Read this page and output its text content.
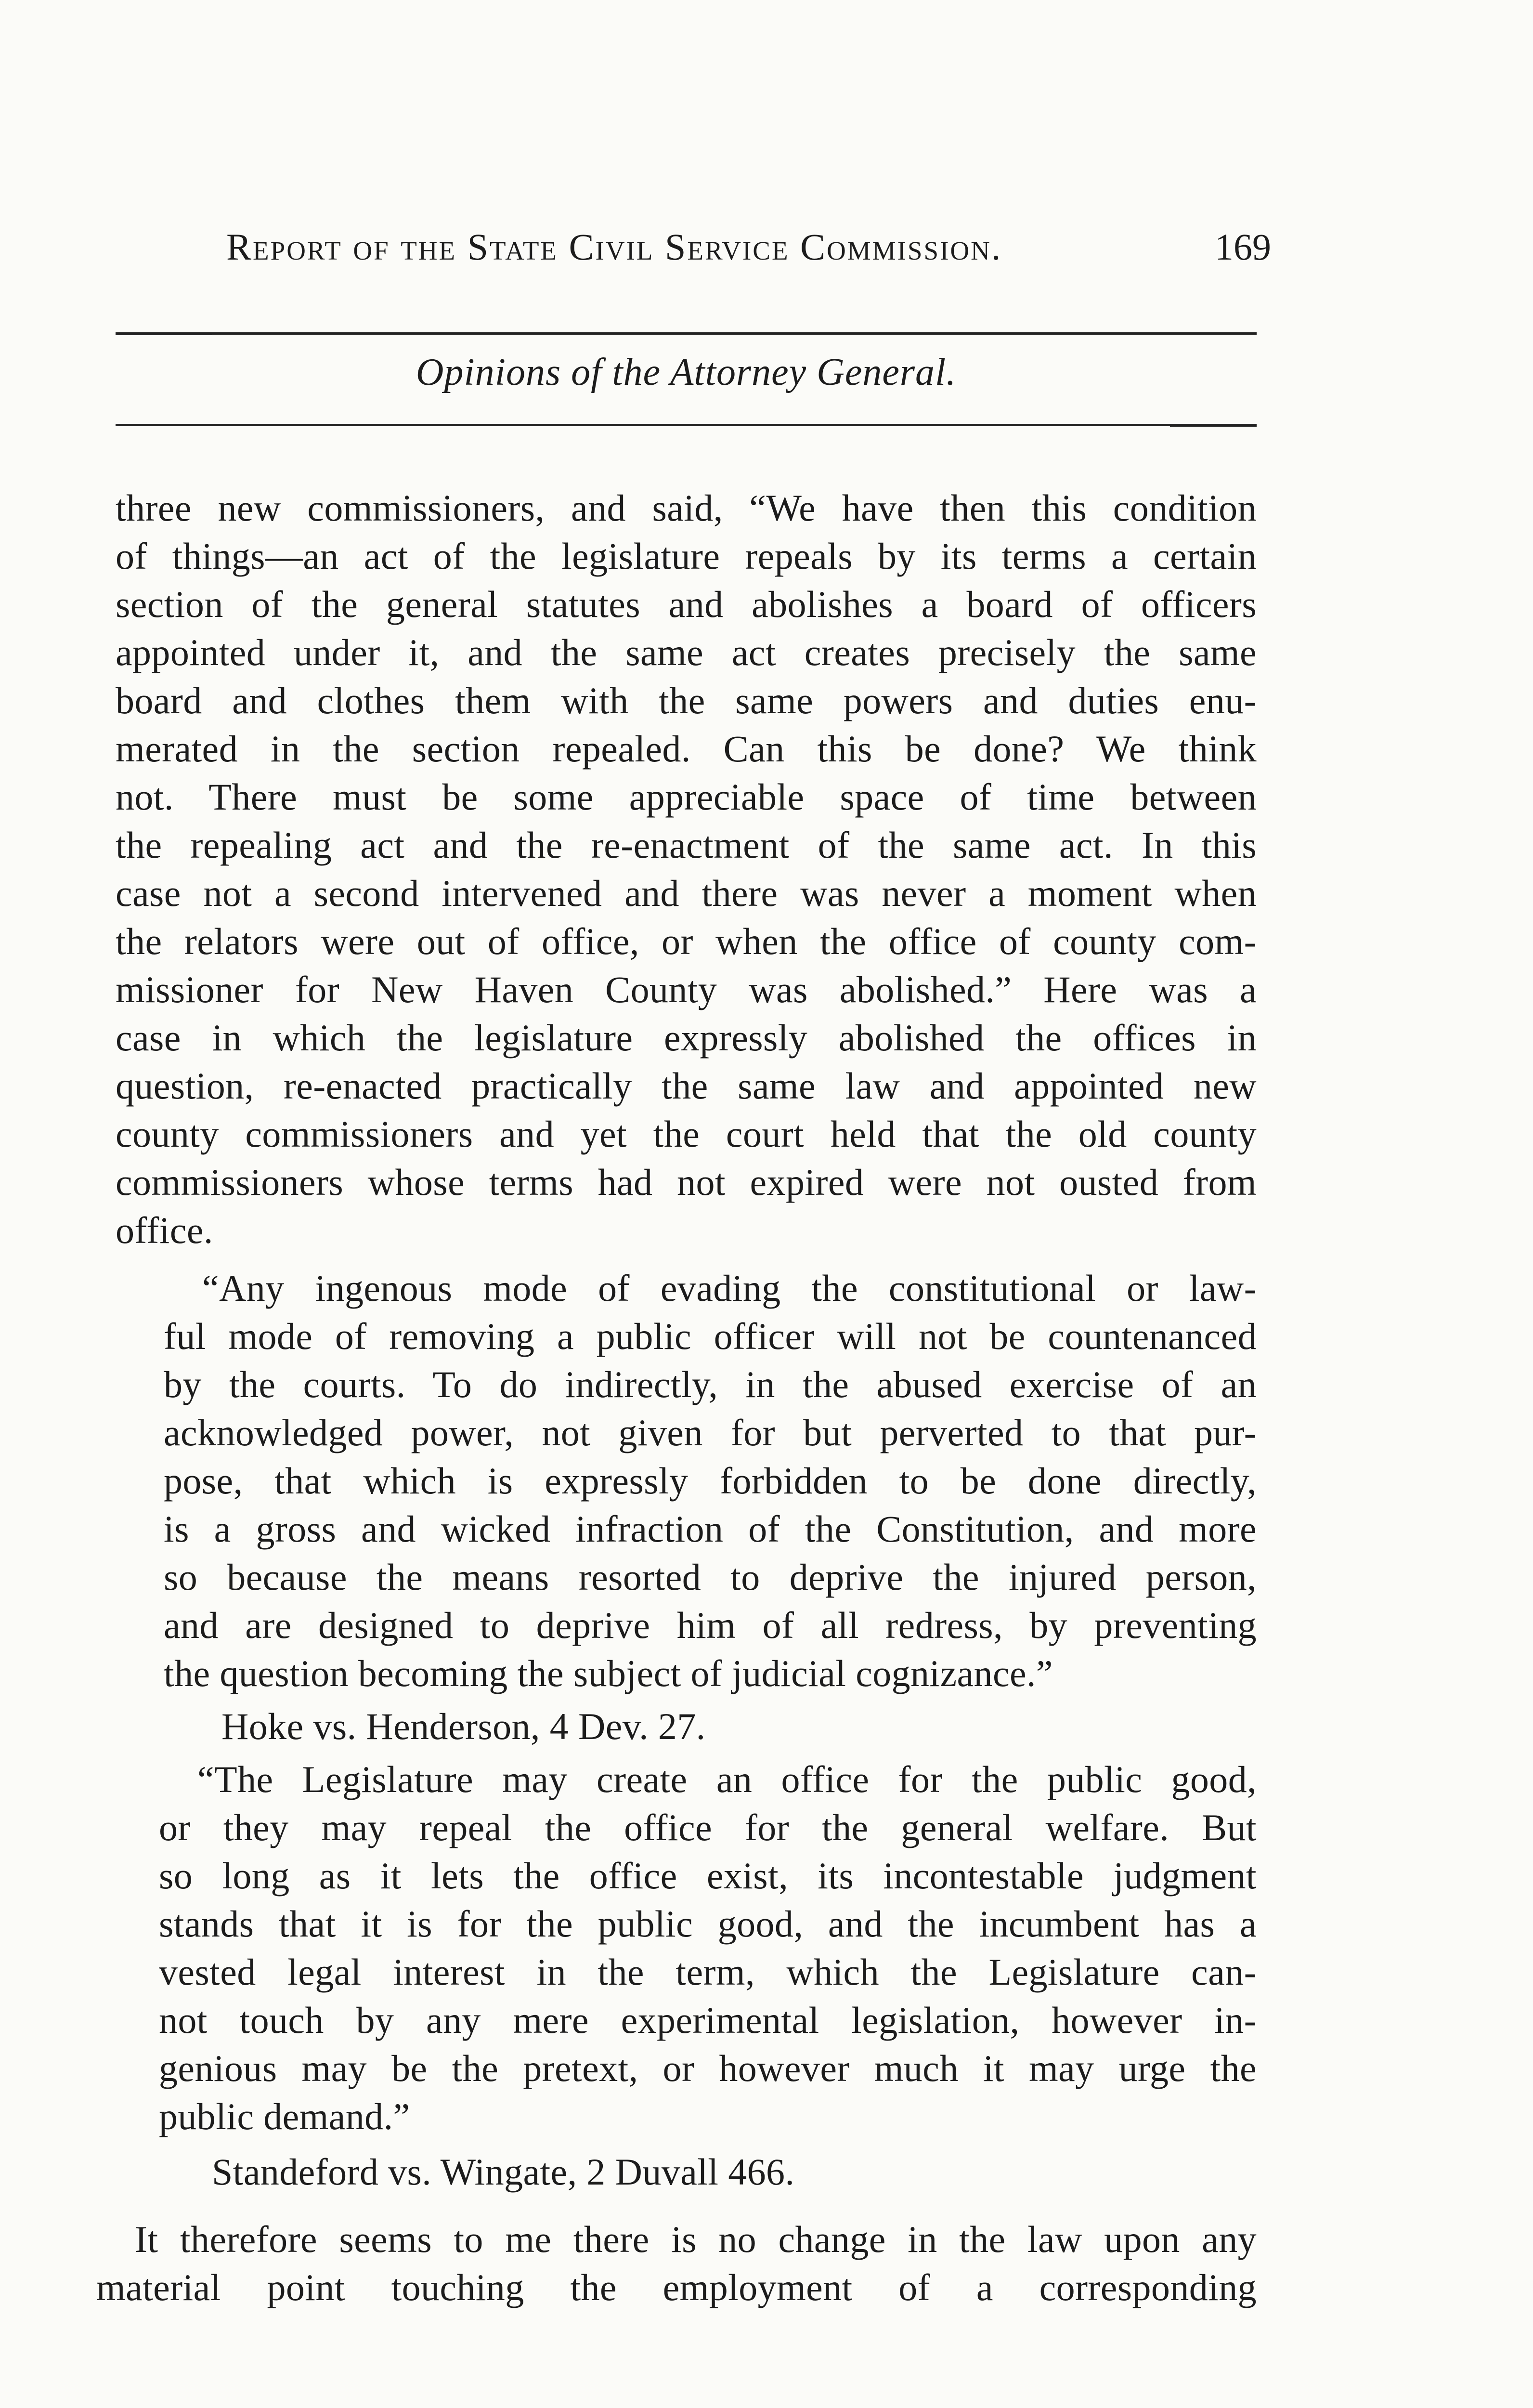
Report of the State Civil Service Commission.	169
Opinions of the Attorney General.
three new commissioners, and said, “We have then this condition
of things—an act of the legislature repeals by its terms a certain
section of the general statutes and abolishes a board of officers
appointed under it, and the same act creates precisely the same
board and clothes them with the same powers and duties enu-
merated in the section repealed. Can this be done? We think
not. There must be some appreciable space of time between
the repealing act and the re-enactment of the same act. In this
case not a second intervened and there was never a moment when
the relators were out of office, or when the office of county com-
missioner for New Haven County was abolished.” Here was a
case in which the legislature expressly abolished the offices in
question, re-enacted practically the same law and appointed new
county commissioners and yet the court held that the old county
commissioners whose terms had not expired were not ousted from
office.
“Any ingenous mode of evading the constitutional or law-
ful mode of removing a public officer will not be countenanced
by the courts. To do indirectly, in the abused exercise of an
acknowledged power, not given for but perverted to that pur-
pose, that which is expressly forbidden to be done directly,
is a gross and wicked infraction of the Constitution, and more
so because the means resorted to deprive the injured person,
and are designed to deprive him of all redress, by preventing
the question becoming the subject of judicial cognizance.”
Hoke vs. Henderson, 4 Dev. 27.
“The Legislature may create an office for the public good,
or they may repeal the office for the general welfare. But
so long as it lets the office exist, its incontestable judgment
stands that it is for the public good, and the incumbent has a
vested legal interest in the term, which the Legislature can-
not touch by any mere experimental legislation, however in-
genious may be the pretext, or however much it may urge the
public demand.”
Standeford vs. Wingate, 2 Duvall 466.
It therefore seems to me there is no change in the law upon any
material point touching the employment of a corresponding
